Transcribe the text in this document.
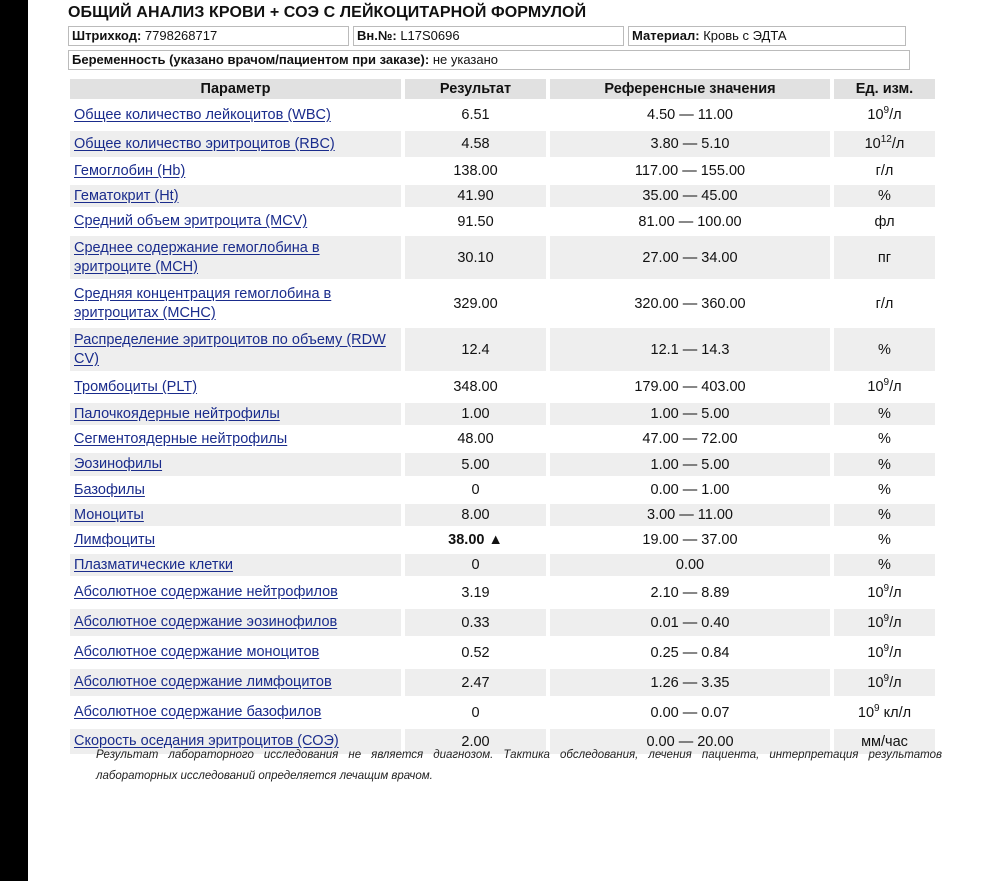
ОБЩИЙ АНАЛИЗ КРОВИ + СОЭ С ЛЕЙКОЦИТАРНОЙ ФОРМУЛОЙ
Штрихкод: 7798268717	Вн.№: L17S0696	Материал: Кровь с ЭДТА
Беременность (указано врачом/пациентом при заказе): не указано
Параметр	Результат	Референсные значения	Ед. изм.
Общее количество лейкоцитов (WBC)	6.51	4.50 — 11.00	$10^9/л$
Общее количество эритроцитов (RBC)	4.58	3.80 — 5.10	$10^{12}/л$
Гемоглобин (Hb)	138.00	117.00 — 155.00	г/л
Гематокрит (Ht)	41.90	35.00 — 45.00	%
Средний объем эритроцита (MCV)	91.50	81.00 — 100.00	фл
Среднее содержание гемоглобина в эритроците (MCH)	30.10	27.00 — 34.00	пг
Средняя концентрация гемоглобина в эритроцитах (MCHC)	329.00	320.00 — 360.00	г/л
Распределение эритроцитов по объему (RDW CV)	12.4	12.1 — 14.3	%
Тромбоциты (PLT)	348.00	179.00 — 403.00	$10^9/л$
Палочкоядерные нейтрофилы	1.00	1.00 — 5.00	%
Сегментоядерные нейтрофилы	48.00	47.00 — 72.00	%
Эозинофилы	5.00	1.00 — 5.00	%
Базофилы	0	0.00 — 1.00	%
Моноциты	8.00	3.00 — 11.00	%
Лимфоциты	38.00 ▲	19.00 — 37.00	%
Плазматические клетки	0	0.00	%
Абсолютное содержание нейтрофилов	3.19	2.10 — 8.89	$10^9/л$
Абсолютное содержание эозинофилов	0.33	0.01 — 0.40	$10^9/л$
Абсолютное содержание моноцитов	0.52	0.25 — 0.84	$10^9/л$
Абсолютное содержание лимфоцитов	2.47	1.26 — 3.35	$10^9/л$
Абсолютное содержание базофилов	0	0.00 — 0.07	$10^9$ кл/л
Скорость оседания эритроцитов (СОЭ)	2.00	0.00 — 20.00	мм/час
Результат лабораторного исследования не является диагнозом. Тактика обследования, лечения пациента, интерпретация результатов лабораторных исследований определяется лечащим врачом.
